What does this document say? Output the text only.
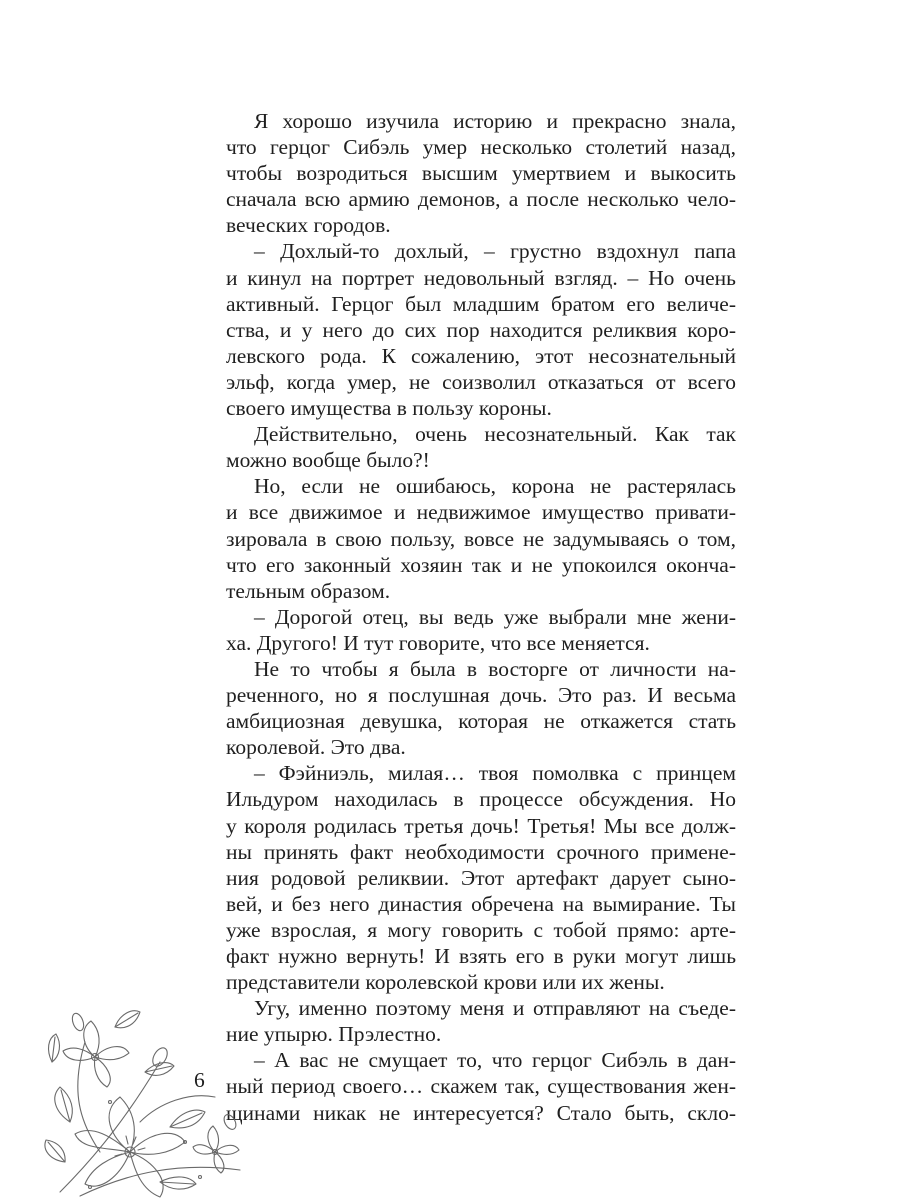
Я хорошо изучила историю и прекрасно знала,
что герцог Сибэль умер несколько столетий назад,
чтобы возродиться высшим умертвием и выкосить
сначала всю армию демонов, а после несколько чело-
веческих городов.
– Дохлый-то дохлый, – грустно вздохнул папа
и кинул на портрет недовольный взгляд. – Но очень
активный. Герцог был младшим братом его величе-
ства, и у него до сих пор находится реликвия коро-
левского рода. К сожалению, этот несознательный
эльф, когда умер, не соизволил отказаться от всего
своего имущества в пользу короны.
Действительно, очень несознательный. Как так
можно вообще было?!
Но, если не ошибаюсь, корона не растерялась
и все движимое и недвижимое имущество привати-
зировала в свою пользу, вовсе не задумываясь о том,
что его законный хозяин так и не упокоился оконча-
тельным образом.
– Дорогой отец, вы ведь уже выбрали мне жени-
ха. Другого! И тут говорите, что все меняется.
Не то чтобы я была в восторге от личности на-
реченного, но я послушная дочь. Это раз. И весьма
амбициозная девушка, которая не откажется стать
королевой. Это два.
– Фэйниэль, милая… твоя помолвка с принцем
Ильдуром находилась в процессе обсуждения. Но
у короля родилась третья дочь! Третья! Мы все долж-
ны принять факт необходимости срочного примене-
ния родовой реликвии. Этот артефакт дарует сыно-
вей, и без него династия обречена на вымирание. Ты
уже взрослая, я могу говорить с тобой прямо: арте-
факт нужно вернуть! И взять его в руки могут лишь
представители королевской крови или их жены.
Угу, именно поэтому меня и отправляют на съеде-
ние упырю. Прэлестно.
– А вас не смущает то, что герцог Сибэль в дан-
ный период своего… скажем так, существования жен-
щинами никак не интересуется? Стало быть, скло-
6
